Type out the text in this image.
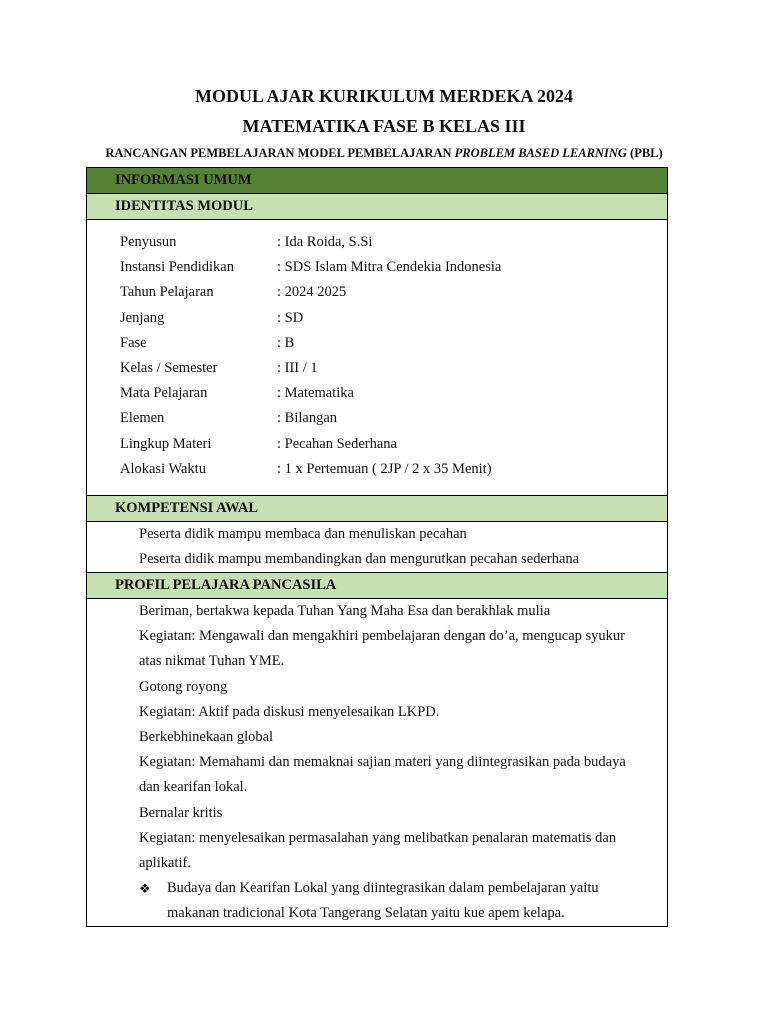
MODUL AJAR KURIKULUM MERDEKA 2024
MATEMATIKA FASE B KELAS III
RANCANGAN PEMBELAJARAN MODEL PEMBELAJARAN PROBLEM BASED LEARNING (PBL)
INFORMASI UMUM
IDENTITAS MODUL
Penyusun	: Ida Roida, S.Si
Instansi Pendidikan	: SDS Islam Mitra Cendekia Indonesia
Tahun Pelajaran	: 2024 2025
Jenjang	: SD
Fase	: B
Kelas / Semester	: III / 1
Mata Pelajaran	: Matematika
Elemen	: Bilangan
Lingkup Materi	: Pecahan Sederhana
Alokasi Waktu	: 1 x Pertemuan ( 2JP / 2 x 35 Menit)
KOMPETENSI AWAL
Peserta didik mampu membaca dan menuliskan pecahan
Peserta didik mampu membandingkan dan mengurutkan pecahan sederhana
PROFIL PELAJARA PANCASILA
Beriman, bertakwa kepada Tuhan Yang Maha Esa dan berakhlak mulia
Kegiatan: Mengawali dan mengakhiri pembelajaran dengan do’a, mengucap syukur
atas nikmat Tuhan YME.
Gotong royong
Kegiatan: Aktif pada diskusi menyelesaikan LKPD.
Berkebhinekaan global
Kegiatan: Memahami dan memaknai sajian materi yang diintegrasikan pada budaya
dan kearifan lokal.
Bernalar kritis
Kegiatan: menyelesaikan permasalahan yang melibatkan penalaran matematis dan
aplikatif.
❖ Budaya dan Kearifan Lokal yang diintegrasikan dalam pembelajaran yaitu
makanan tradicional Kota Tangerang Selatan yaitu kue apem kelapa.
